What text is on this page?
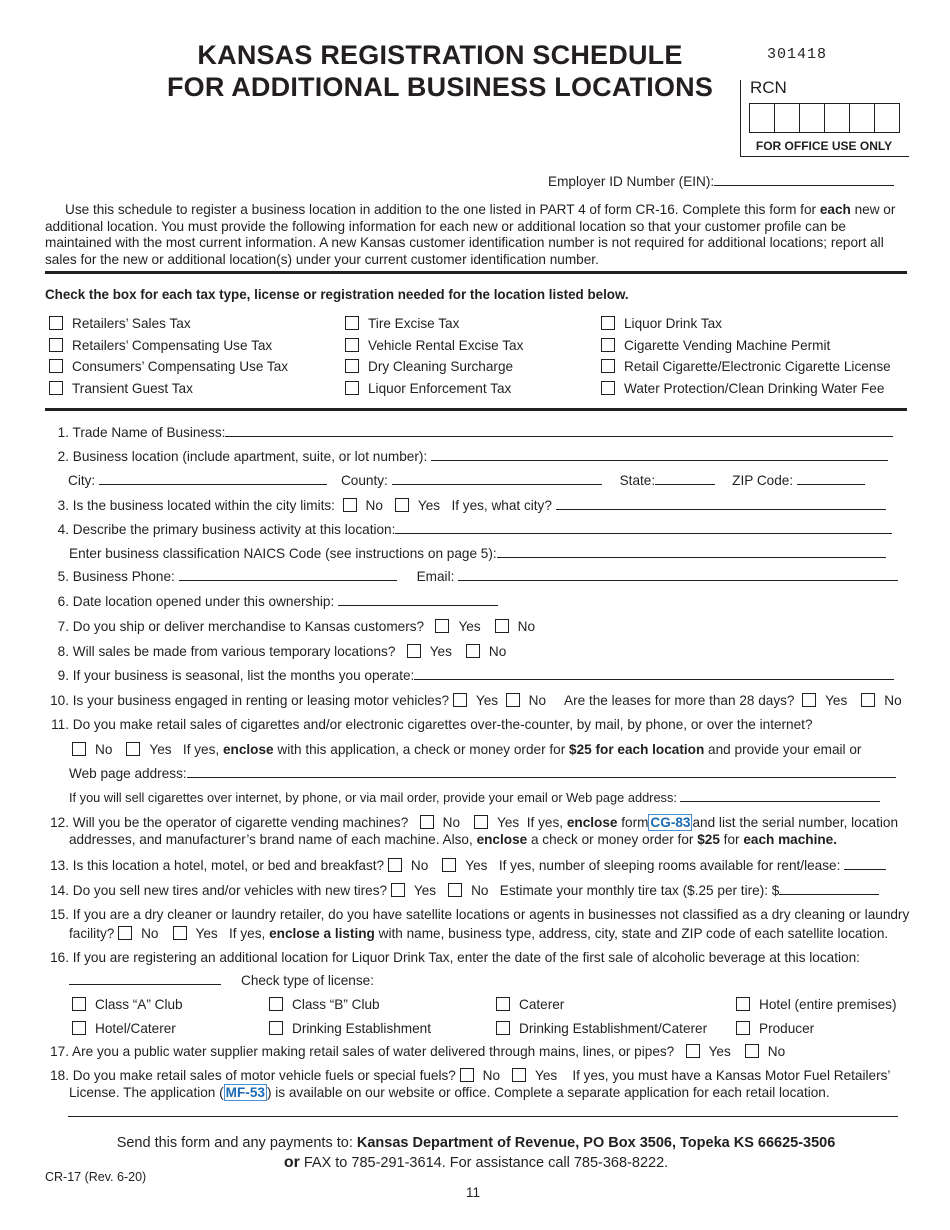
KANSAS REGISTRATION SCHEDULE
FOR ADDITIONAL BUSINESS LOCATIONS
301418
RCN
FOR OFFICE USE ONLY
Employer ID Number (EIN):
Use this schedule to register a business location in addition to the one listed in PART 4 of form CR-16. Complete this form for each new or additional location. You must provide the following information for each new or additional location so that your customer profile can be maintained with the most current information. A new Kansas customer identification number is not required for additional locations; report all sales for the new or additional location(s) under your current customer identification number.
Check the box for each tax type, license or registration needed for the location listed below.
Retailers’ Sales Tax
Retailers’ Compensating Use Tax
Consumers’ Compensating Use Tax
Transient Guest Tax
Tire Excise Tax
Vehicle Rental Excise Tax
Dry Cleaning Surcharge
Liquor Enforcement Tax
Liquor Drink Tax
Cigarette Vending Machine Permit
Retail Cigarette/Electronic Cigarette License
Water Protection/Clean Drinking Water Fee
1. Trade Name of Business:
2. Business location (include apartment, suite, or lot number):
City:	County:	State:	ZIP Code:
3. Is the business located within the city limits: No	Yes If yes, what city?
4. Describe the primary business activity at this location:
Enter business classification NAICS Code (see instructions on page 5):
5. Business Phone:	Email:
6. Date location opened under this ownership:
7. Do you ship or deliver merchandise to Kansas customers?	Yes	No
8. Will sales be made from various temporary locations?	Yes	No
9. If your business is seasonal, list the months you operate:
10. Is your business engaged in renting or leasing motor vehicles? Yes No Are the leases for more than 28 days? Yes	No
11. Do you make retail sales of cigarettes and/or electronic cigarettes over-the-counter, by mail, by phone, or over the internet?
No	Yes If yes, enclose with this application, a check or money order for $25 for each location and provide your email or
Web page address:
If you will sell cigarettes over internet, by phone, or via mail order, provide your email or Web page address:
12. Will you be the operator of cigarette vending machines?	No	Yes If yes, enclose form CG-83 and list the serial number, location
addresses, and manufacturer’s brand name of each machine. Also, enclose a check or money order for $25 for each machine.
13. Is this location a hotel, motel, or bed and breakfast? No	Yes If yes, number of sleeping rooms available for rent/lease:
14. Do you sell new tires and/or vehicles with new tires? Yes	No Estimate your monthly tire tax ($.25 per tire): $
15. If you are a dry cleaner or laundry retailer, do you have satellite locations or agents in businesses not classified as a dry cleaning or laundry
facility? No	Yes If yes, enclose a listing with name, business type, address, city, state and ZIP code of each satellite location.
16. If you are registering an additional location for Liquor Drink Tax, enter the date of the first sale of alcoholic beverage at this location:
Check type of license:
Class “A” Club	Class “B” Club	Caterer	Hotel (entire premises)
Hotel/Caterer	Drinking Establishment	Drinking Establishment/Caterer	Producer
17. Are you a public water supplier making retail sales of water delivered through mains, lines, or pipes?	Yes	No
18. Do you make retail sales of motor vehicle fuels or special fuels? No	Yes If yes, you must have a Kansas Motor Fuel Retailers’
License. The application ( MF-53 ) is available on our website or office. Complete a separate application for each retail location.
Send this form and any payments to: Kansas Department of Revenue, PO Box 3506, Topeka KS 66625-3506
or FAX to 785-291-3614. For assistance call 785-368-8222.
CR-17 (Rev. 6-20)
11
